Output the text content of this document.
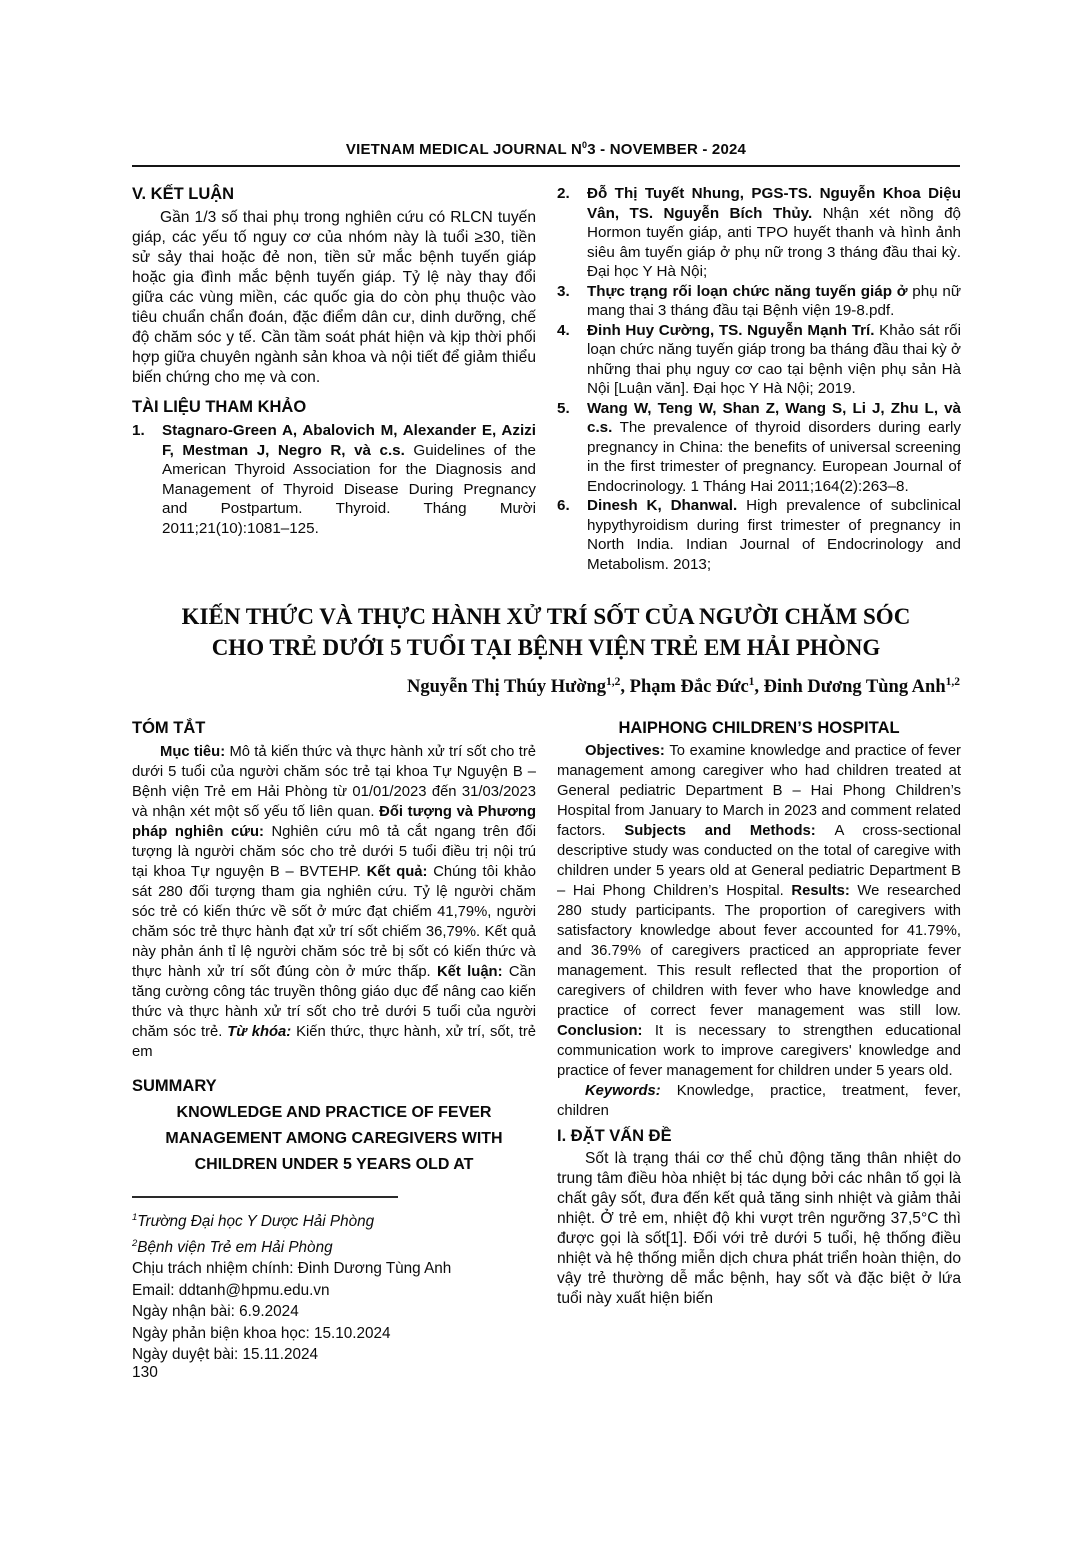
VIETNAM MEDICAL JOURNAL $N^03$ - NOVEMBER - 2024
V. KẾT LUẬN

Gần 1/3 số thai phụ trong nghiên cứu có RLCN tuyến giáp, các yếu tố nguy cơ của nhóm này là tuổi ≥30, tiền sử sảy thai hoặc đẻ non, tiền sử mắc bệnh tuyến giáp hoặc gia đình mắc bệnh tuyến giáp. Tỷ lệ này thay đổi giữa các vùng miền, các quốc gia do còn phụ thuộc vào tiêu chuẩn chẩn đoán, đặc điểm dân cư, dinh dưỡng, chế độ chăm sóc y tế. Cần tầm soát phát hiện và kịp thời phối hợp giữa chuyên ngành sản khoa và nội tiết để giảm thiểu biến chứng cho mẹ và con.

TÀI LIỆU THAM KHẢO
1. Stagnaro-Green A, Abalovich M, Alexander E, Azizi F, Mestman J, Negro R, và c.s. Guidelines of the American Thyroid Association for the Diagnosis and Management of Thyroid Disease During Pregnancy and Postpartum. Thyroid. Tháng Mười 2011;21(10):1081–125.
2. Đỗ Thị Tuyết Nhung, PGS-TS. Nguyễn Khoa Diệu Vân, TS. Nguyễn Bích Thủy. Nhận xét nồng độ Hormon tuyến giáp, anti TPO huyết thanh và hình ảnh siêu âm tuyến giáp ở phụ nữ trong 3 tháng đầu thai kỳ. Đại học Y Hà Nội;
3. Thực trạng rối loạn chức năng tuyến giáp ở phụ nữ mang thai 3 tháng đầu tại Bệnh viện 19-8.pdf.
4. Đinh Huy Cường, TS. Nguyễn Mạnh Trí. Khảo sát rối loạn chức năng tuyến giáp trong ba tháng đầu thai kỳ ở những thai phụ nguy cơ cao tại bệnh viện phụ sản Hà Nội [Luận văn]. Đại học Y Hà Nội; 2019.
5. Wang W, Teng W, Shan Z, Wang S, Li J, Zhu L, và c.s. The prevalence of thyroid disorders during early pregnancy in China: the benefits of universal screening in the first trimester of pregnancy. European Journal of Endocrinology. 1 Tháng Hai 2011;164(2):263–8.
6. Dinesh K, Dhanwal. High prevalence of subclinical hypythyroidism during first trimester of pregnancy in North India. Indian Journal of Endocrinology and Metabolism. 2013;
KIẾN THỨC VÀ THỰC HÀNH XỬ TRÍ SỐT CỦA NGƯỜI CHĂM SÓC
CHO TRẺ DƯỚI 5 TUỔI TẠI BỆNH VIỆN TRẺ EM HẢI PHÒNG
Nguyễn Thị Thúy Hường$^{1,2}$, Phạm Đắc Đức$^1$, Đinh Dương Tùng Anh$^{1,2}$
TÓM TẮT

Mục tiêu: Mô tả kiến thức và thực hành xử trí sốt cho trẻ dưới 5 tuổi của người chăm sóc trẻ tại khoa Tự Nguyện B – Bệnh viện Trẻ em Hải Phòng từ 01/01/2023 đến 31/03/2023 và nhận xét một số yếu tố liên quan. Đối tượng và Phương pháp nghiên cứu: Nghiên cứu mô tả cắt ngang trên đối tượng là người chăm sóc cho trẻ dưới 5 tuổi điều trị nội trú tại khoa Tự nguyện B – BVTEHP. Kết quả: Chúng tôi khảo sát 280 đối tượng tham gia nghiên cứu. Tỷ lệ người chăm sóc trẻ có kiến thức về sốt ở mức đạt chiếm 41,79%, người chăm sóc trẻ thực hành đạt xử trí sốt chiếm 36,79%. Kết quả này phản ánh tỉ lệ người chăm sóc trẻ bị sốt có kiến thức và thực hành xử trí sốt đúng còn ở mức thấp. Kết luận: Cần tăng cường công tác truyền thông giáo dục để nâng cao kiến thức và thực hành xử trí sốt cho trẻ dưới 5 tuổi của người chăm sóc trẻ. Từ khóa: Kiến thức, thực hành, xử trí, sốt, trẻ em

SUMMARY
KNOWLEDGE AND PRACTICE OF FEVER MANAGEMENT AMONG CAREGIVERS WITH CHILDREN UNDER 5 YEARS OLD AT
$^1$Trường Đại học Y Dược Hải Phòng
$^2$Bệnh viện Trẻ em Hải Phòng
Chịu trách nhiệm chính: Đinh Dương Tùng Anh
Email: ddtanh@hpmu.edu.vn
Ngày nhận bài: 6.9.2024
Ngày phản biện khoa học: 15.10.2024
Ngày duyệt bài: 15.11.2024
HAIPHONG CHILDREN’S HOSPITAL

Objectives: To examine knowledge and practice of fever management among caregiver who had children treated at General pediatric Department B – Hai Phong Children’s Hospital from January to March in 2023 and comment related factors. Subjects and Methods: A cross-sectional descriptive study was conducted on the total of caregive with children under 5 years old at General pediatric Department B – Hai Phong Children’s Hospital. Results: We researched 280 study participants. The proportion of caregivers with satisfactory knowledge about fever accounted for 41.79%, and 36.79% of caregivers practiced an appropriate fever management. This result reflected that the proportion of caregivers of children with fever who have knowledge and practice of correct fever management was still low. Conclusion: It is necessary to strengthen educational communication work to improve caregivers' knowledge and practice of fever management for children under 5 years old.

Keywords: Knowledge, practice, treatment, fever, children

I. ĐẶT VẤN ĐỀ

Sốt là trạng thái cơ thể chủ động tăng thân nhiệt do trung tâm điều hòa nhiệt bị tác dụng bởi các nhân tố gọi là chất gây sốt, đưa đến kết quả tăng sinh nhiệt và giảm thải nhiệt. Ở trẻ em, nhiệt độ khi vượt trên ngưỡng 37,5°C thì được gọi là sốt[1]. Đối với trẻ dưới 5 tuổi, hệ thống điều nhiệt và hệ thống miễn dịch chưa phát triển hoàn thiện, do vậy trẻ thường dễ mắc bệnh, hay sốt và đặc biệt ở lứa tuổi này xuất hiện biến

130
